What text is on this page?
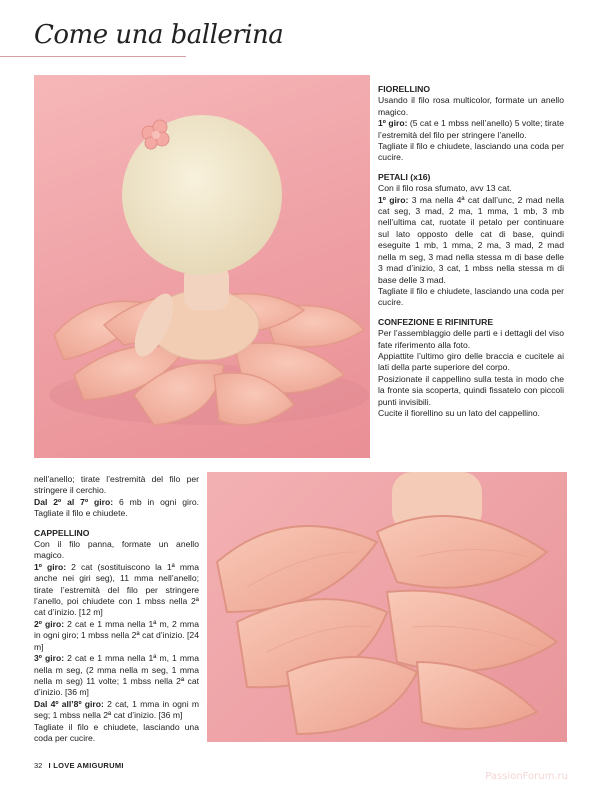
Come una ballerina
FIORELLINO

Usando il filo rosa multicolor, formate un anello magico.

1º giro: (5 cat e 1 mbss nell’anello) 5 volte; tirate l’estremità del filo per stringere l’anello.

Tagliate il filo e chiudete, lasciando una coda per cucire.

PETALI (x16)

Con il filo rosa sfumato, avv 13 cat.

1º giro: 3 ma nella 4ª cat dall’unc, 2 mad nella cat seg, 3 mad, 2 ma, 1 mma, 1 mb, 3 mb nell’ultima cat, ruotate il petalo per continuare sul lato opposto delle cat di base, quindi eseguite 1 mb, 1 mma, 2 ma, 3 mad, 2 mad nella m seg, 3 mad nella stessa m di base delle 3 mad d’inizio, 3 cat, 1 mbss nella stessa m di base delle 3 mad.

Tagliate il filo e chiudete, lasciando una coda per cucire.

CONFEZIONE E RIFINITURE

Per l’assemblaggio delle parti e i dettagli del viso fate riferimento alla foto.

Appiattite l’ultimo giro delle braccia e cucitele ai lati della parte superiore del corpo.

Posizionate il cappellino sulla testa in modo che la fronte sia scoperta, quindi fissatelo con piccoli punti invisibili.

Cucite il fiorellino su un lato del cappellino.

nell’anello; tirate l’estremità del filo per stringere il cerchio.

Dal 2º al 7º giro: 6 mb in ogni giro. Tagliate il filo e chiudete.

CAPPELLINO

Con il filo panna, formate un anello magico.

1º giro: 2 cat (sostituiscono la 1ª mma anche nei giri seg), 11 mma nell’anello; tirate l’estremità del filo per stringere l’anello, poi chiudete con 1 mbss nella 2ª cat d’inizio. [12 m]

2º giro: 2 cat e 1 mma nella 1ª m, 2 mma in ogni giro; 1 mbss nella 2ª cat d’inizio. [24 m]

3º giro: 2 cat e 1 mma nella 1ª m, 1 mma nella m seg, (2 mma nella m seg, 1 mma nella m seg) 11 volte; 1 mbss nella 2ª cat d’inizio. [36 m]

Dal 4º all’8º giro: 2 cat, 1 mma in ogni m seg; 1 mbss nella 2ª cat d’inizio. [36 m]

Tagliate il filo e chiudete, lasciando una coda per cucire.

32 I LOVE AMIGURUMI
PassionForum.ru
